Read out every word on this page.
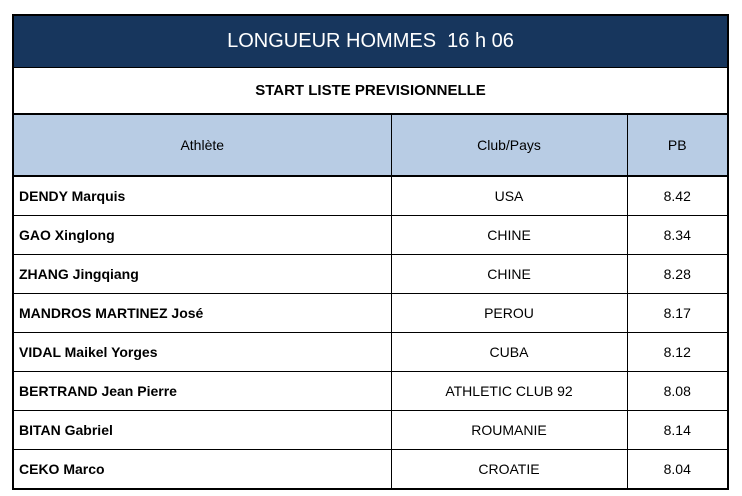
LONGUEUR HOMMES  16 h 06
START LISTE PREVISIONNELLE
Athlète	Club/Pays	PB
DENDY Marquis	USA	8.42
GAO Xinglong	CHINE	8.34
ZHANG Jingqiang	CHINE	8.28
MANDROS MARTINEZ José	PEROU	8.17
VIDAL Maikel Yorges	CUBA	8.12
BERTRAND Jean Pierre	ATHLETIC CLUB 92	8.08
BITAN Gabriel	ROUMANIE	8.14
CEKO Marco	CROATIE	8.04
